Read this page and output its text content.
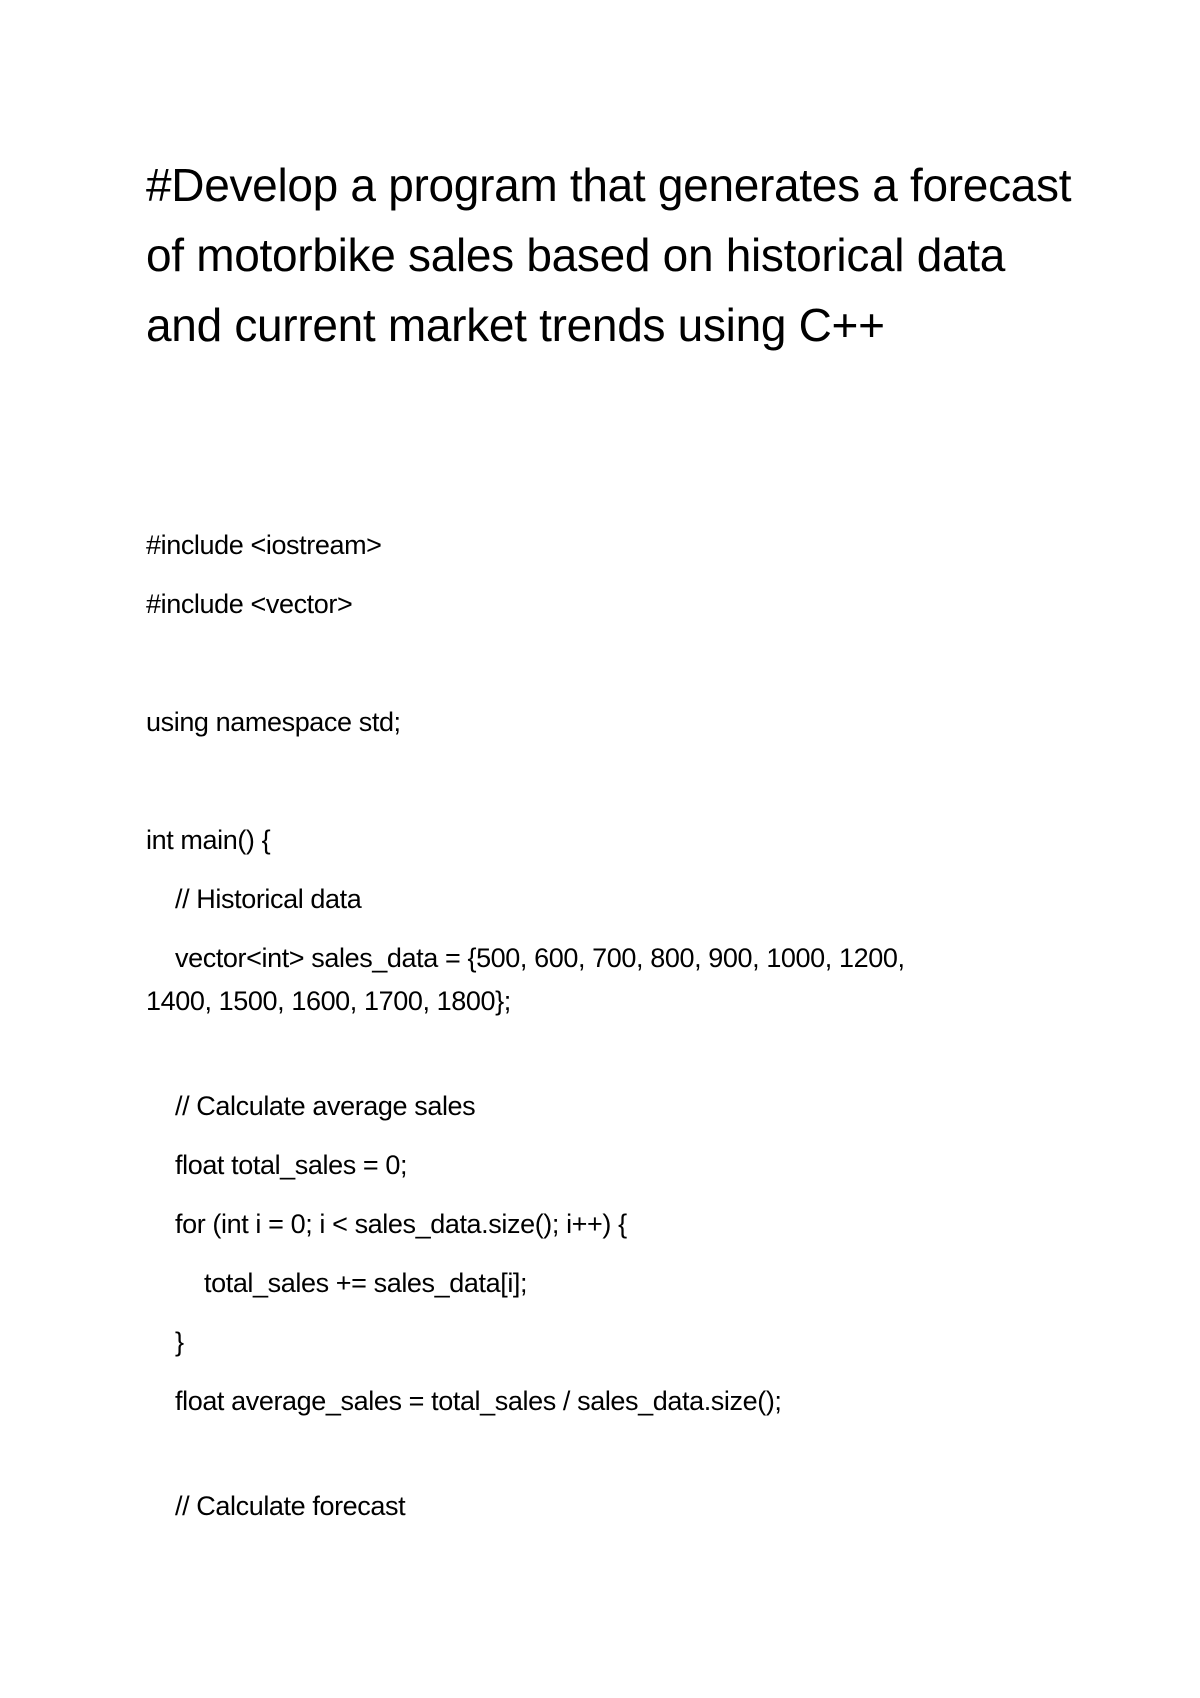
#Develop a program that generates a forecast of motorbike sales based on historical data and current market trends using C++
#include <iostream>
#include <vector>
using namespace std;
int main() {
// Historical data
vector<int> sales_data = {500, 600, 700, 800, 900, 1000, 1200,
1400, 1500, 1600, 1700, 1800};
// Calculate average sales
float total_sales = 0;
for (int i = 0; i < sales_data.size(); i++) {
total_sales += sales_data[i];
}
float average_sales = total_sales / sales_data.size();
// Calculate forecast
